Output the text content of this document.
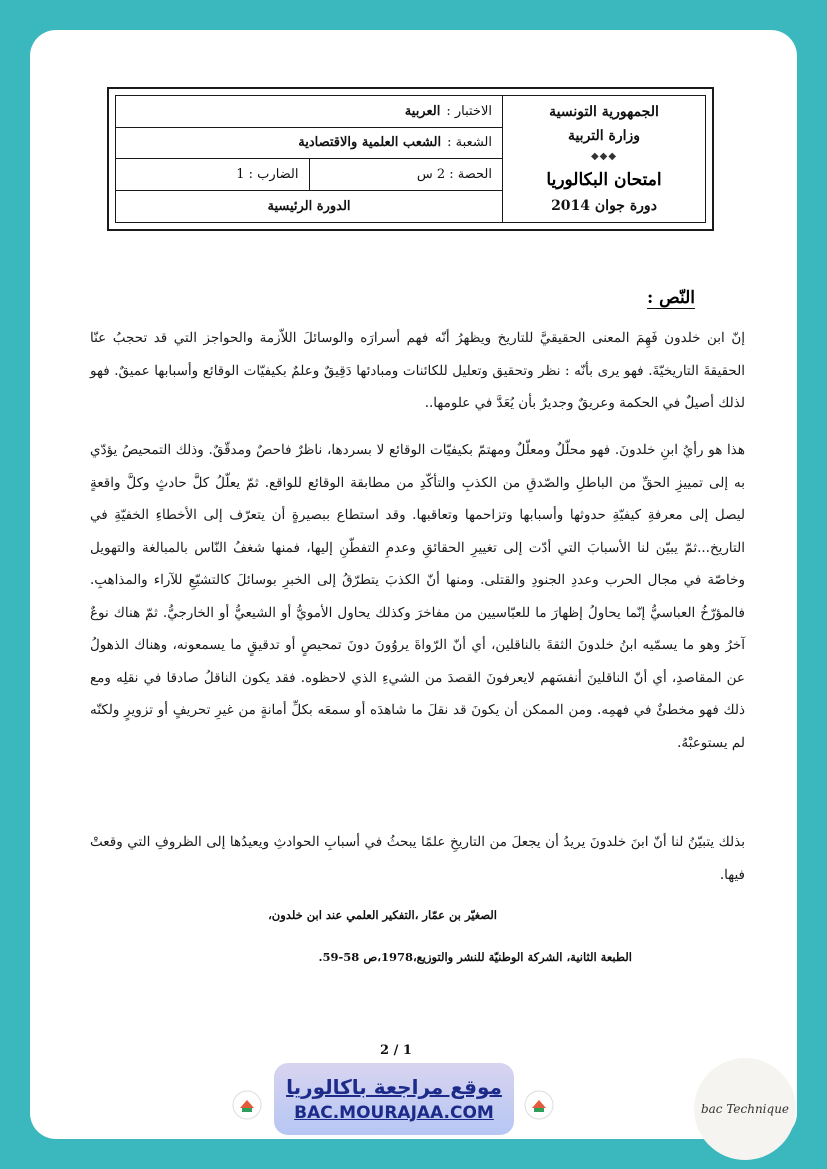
الاختبار :
العربية
الشعبة :
الشعب العلمية والاقتصادية
الحصة : 2 س
الضارب : 1
الدورة الرئيسية
الجمهورية التونسية
وزارة التربية
◆◆◆
امتحان البكالوريا
دورة جوان 2014
النّص :

إنّ ابن خلدون فَهِمَ المعنى الحقيقيَّ للتاريخ ويظهرُ أنّه فهم أسرارَه والوسائلَ اللاّزمة والحواجز التي قد تحجبُ عنّا الحقيقةَ التاريخيّةَ. فهو يرى بأنّه : نظر وتحقيق وتعليل للكائنات ومبادئها دَقِيقٌ وعلمٌ بكيفيّات الوقائع وأسبابها عميقٌ. فهو لذلك أصيلٌ في الحكمة وعريقٌ وجديرٌ بأن يُعَدَّ في علومها..

هذا هو رأيُ ابنِ خلدونَ. فهو محلّلٌ ومعلّلٌ ومهتمّ بكيفيّات الوقائع لا بسردها، ناظرٌ فاحصٌ ومدقّقٌ. وذلك التمحيصُ يؤدّي به إلى تمييزِ الحقِّ من الباطلِ والصّدقِ من الكذبِ والتأكّدِ من مطابقة الوقائع للواقع. ثمّ يعلّلُ كلَّ حادثٍ وكلَّ واقعةٍ ليصل إلى معرفةِ كيفيّةِ حدوثها وأسبابها وتزاحمها وتعاقبها. وقد استطاع ببصيرةٍ أن يتعرّف إلى الأخطاءِ الخفيّةِ في التاريخ...ثمّ يبيّن لنا الأسبابَ التي أدّت إلى تغييرِ الحقائقِ وعدمِ التفطّنِ إليها، فمنها شغفُ النّاس بالمبالغة والتهويل وخاصّة في مجال الحرب وعددِ الجنودِ والقتلى. ومنها أنّ الكذبَ يتطرّقُ إلى الخبرِ بوسائلَ كالتشيّعِ للآراء والمذاهبِ. فالمؤرّخُ العباسيُّ إنّما يحاولُ إظهارَ ما للعبّاسيين من مفاخرَ وكذلك يحاول الأمويُّ أو الشيعيُّ أو الخارجيُّ. ثمّ هناك نوعٌ آخرُ وهو ما يسمّيه ابنُ خلدونَ الثقةَ بالناقلين، أي أنّ الرّواةَ يروُونَ دونَ تمحيصٍ أو تدقيقٍ ما يسمعونه، وهناك الذهولُ عن المقاصدِ، أي أنّ الناقلينَ أنفسَهم لايعرفونَ القصدَ من الشيءِ الذي لاحظوه. فقد يكون الناقلُ صادقا في نقلِه ومع ذلك فهو مخطئٌ في فهمِه. ومن الممكن أن يكونَ قد نقلَ ما شاهدَه أو سمعَه بكلِّ أمانةٍ من غيرِ تحريفٍ أو تزويرٍ ولكنّه لم يستوعبْهُ.

بذلك يتبيّنُ لنا أنّ ابنَ خلدونَ يريدُ أن يجعلَ من التاريخِ علمًا يبحثُ في أسبابِ الحوادثِ ويعيدُها إلى الظروفِ التي وقعتْ فيها.

الصغيّر بن عمّار ،التفكير العلمي عند ابن خلدون،
الطبعة الثانية، الشركة الوطنيّة للنشر والتوزيع،1978،ص 58-59.
2 / 1
موقع مراجعة باكالوريا
BAC.MOURAJAA.COM	bac Technique
